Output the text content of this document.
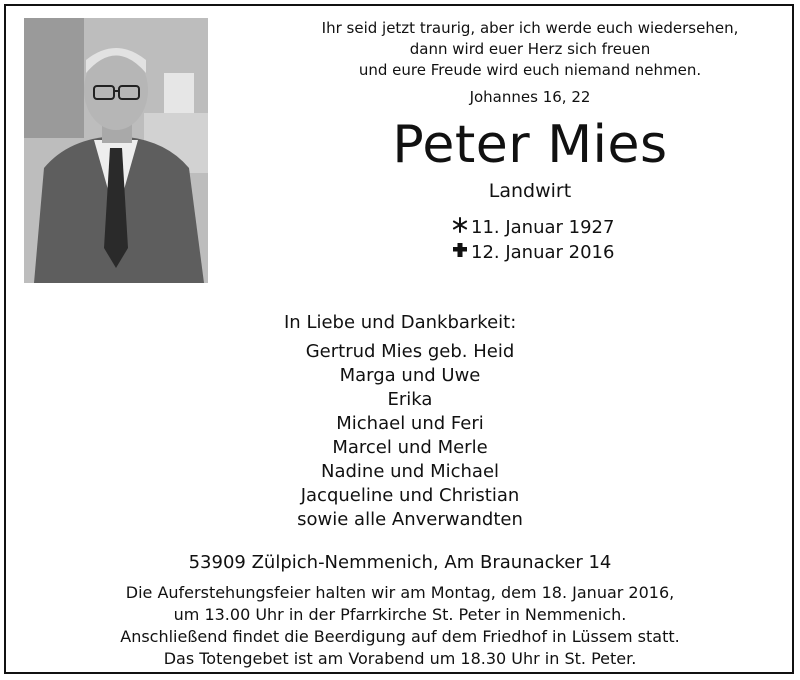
Ihr seid jetzt traurig, aber ich werde euch wiedersehen,
dann wird euer Herz sich freuen
und eure Freude wird euch niemand nehmen.
Johannes 16, 22
Peter Mies
Landwirt
11. Januar 1927
12. Januar 2016
In Liebe und Dankbarkeit:
Gertrud Mies geb. Heid
Marga und Uwe
Erika
Michael und Feri
Marcel und Merle
Nadine und Michael
Jacqueline und Christian
sowie alle Anverwandten
53909 Zülpich-Nemmenich, Am Braunacker 14
Die Auferstehungsfeier halten wir am Montag, dem 18. Januar 2016,
um 13.00 Uhr in der Pfarrkirche St. Peter in Nemmenich.
Anschließend findet die Beerdigung auf dem Friedhof in Lüssem statt.
Das Totengebet ist am Vorabend um 18.30 Uhr in St. Peter.
